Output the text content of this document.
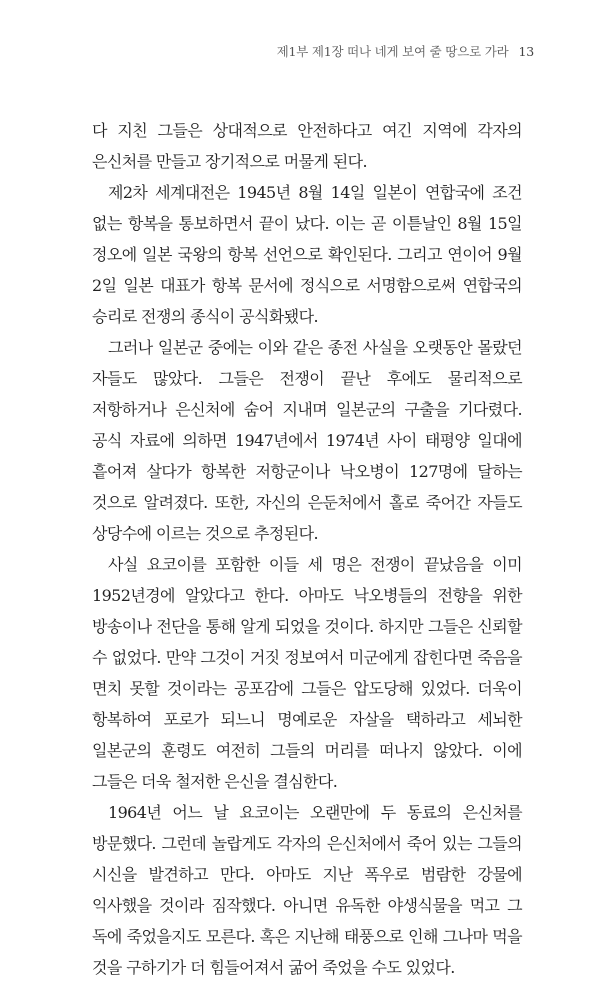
제1부 제1장 떠나 네게 보여 줄 땅으로 가라 13

다 지친 그들은 상대적으로 안전하다고 여긴 지역에 각자의 은신처를 만들고 장기적으로 머물게 된다.

제2차 세계대전은 1945년 8월 14일 일본이 연합국에 조건 없는 항복을 통보하면서 끝이 났다. 이는 곧 이튿날인 8월 15일 정오에 일본 국왕의 항복 선언으로 확인된다. 그리고 연이어 9월 2일 일본 대표가 항복 문서에 정식으로 서명함으로써 연합국의 승리로 전쟁의 종식이 공식화됐다.

그러나 일본군 중에는 이와 같은 종전 사실을 오랫동안 몰랐던 자들도 많았다. 그들은 전쟁이 끝난 후에도 물리적으로 저항하거나 은신처에 숨어 지내며 일본군의 구출을 기다렸다. 공식 자료에 의하면 1947년에서 1974년 사이 태평양 일대에 흩어져 살다가 항복한 저항군이나 낙오병이 127명에 달하는 것으로 알려졌다. 또한, 자신의 은둔처에서 홀로 죽어간 자들도 상당수에 이르는 것으로 추정된다.

사실 요코이를 포함한 이들 세 명은 전쟁이 끝났음을 이미 1952년경에 알았다고 한다. 아마도 낙오병들의 전향을 위한 방송이나 전단을 통해 알게 되었을 것이다. 하지만 그들은 신뢰할 수 없었다. 만약 그것이 거짓 정보여서 미군에게 잡힌다면 죽음을 면치 못할 것이라는 공포감에 그들은 압도당해 있었다. 더욱이 항복하여 포로가 되느니 명예로운 자살을 택하라고 세뇌한 일본군의 훈령도 여전히 그들의 머리를 떠나지 않았다. 이에 그들은 더욱 철저한 은신을 결심한다.

1964년 어느 날 요코이는 오랜만에 두 동료의 은신처를 방문했다. 그런데 놀랍게도 각자의 은신처에서 죽어 있는 그들의 시신을 발견하고 만다. 아마도 지난 폭우로 범람한 강물에 익사했을 것이라 짐작했다. 아니면 유독한 야생식물을 먹고 그 독에 죽었을지도 모른다. 혹은 지난해 태풍으로 인해 그나마 먹을 것을 구하기가 더 힘들어져서 굶어 죽었을 수도 있었다.
